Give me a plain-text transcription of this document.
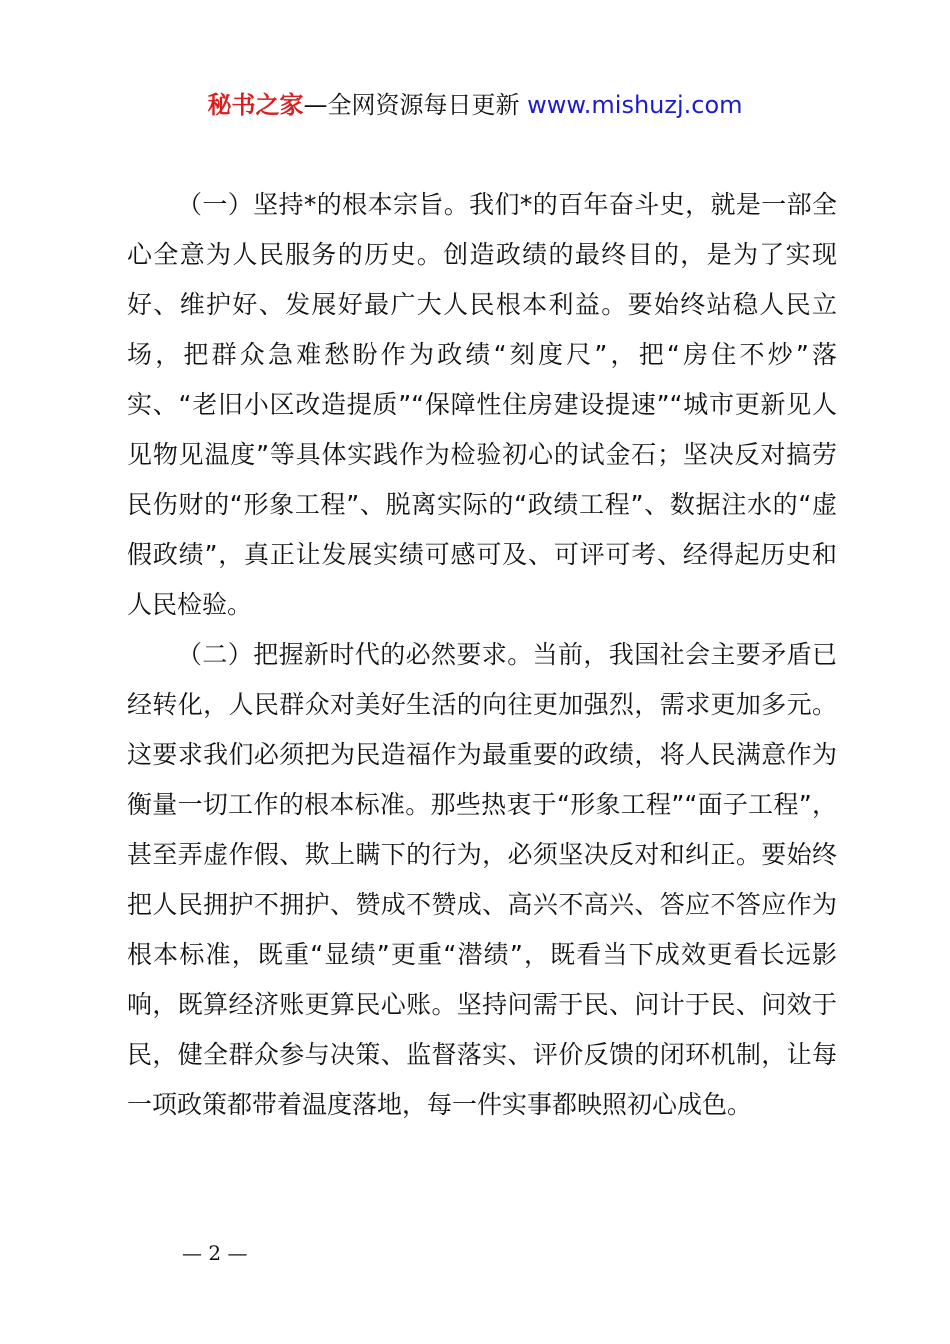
秘书之家—全网资源每日更新 www.mishuzj.com

（一）坚持*的根本宗旨。我们*的百年奋斗史，就是一部全心全意为人民服务的历史。创造政绩的最终目的，是为了实现好、维护好、发展好最广大人民根本利益。要始终站稳人民立场，把群众急难愁盼作为政绩“刻度尺”，把“房住不炒”落实、“老旧小区改造提质”“保障性住房建设提速”“城市更新见人见物见温度”等具体实践作为检验初心的试金石；坚决反对搞劳民伤财的“形象工程”、脱离实际的“政绩工程”、数据注水的“虚假政绩”，真正让发展实绩可感可及、可评可考、经得起历史和人民检验。

（二）把握新时代的必然要求。当前，我国社会主要矛盾已经转化，人民群众对美好生活的向往更加强烈，需求更加多元。这要求我们必须把为民造福作为最重要的政绩，将人民满意作为衡量一切工作的根本标准。那些热衷于“形象工程”“面子工程”，甚至弄虚作假、欺上瞒下的行为，必须坚决反对和纠正。要始终把人民拥护不拥护、赞成不赞成、高兴不高兴、答应不答应作为根本标准，既重“显绩”更重“潜绩”，既看当下成效更看长远影响，既算经济账更算民心账。坚持问需于民、问计于民、问效于民，健全群众参与决策、监督落实、评价反馈的闭环机制，让每一项政策都带着温度落地，每一件实事都映照初心成色。

— 2 —
